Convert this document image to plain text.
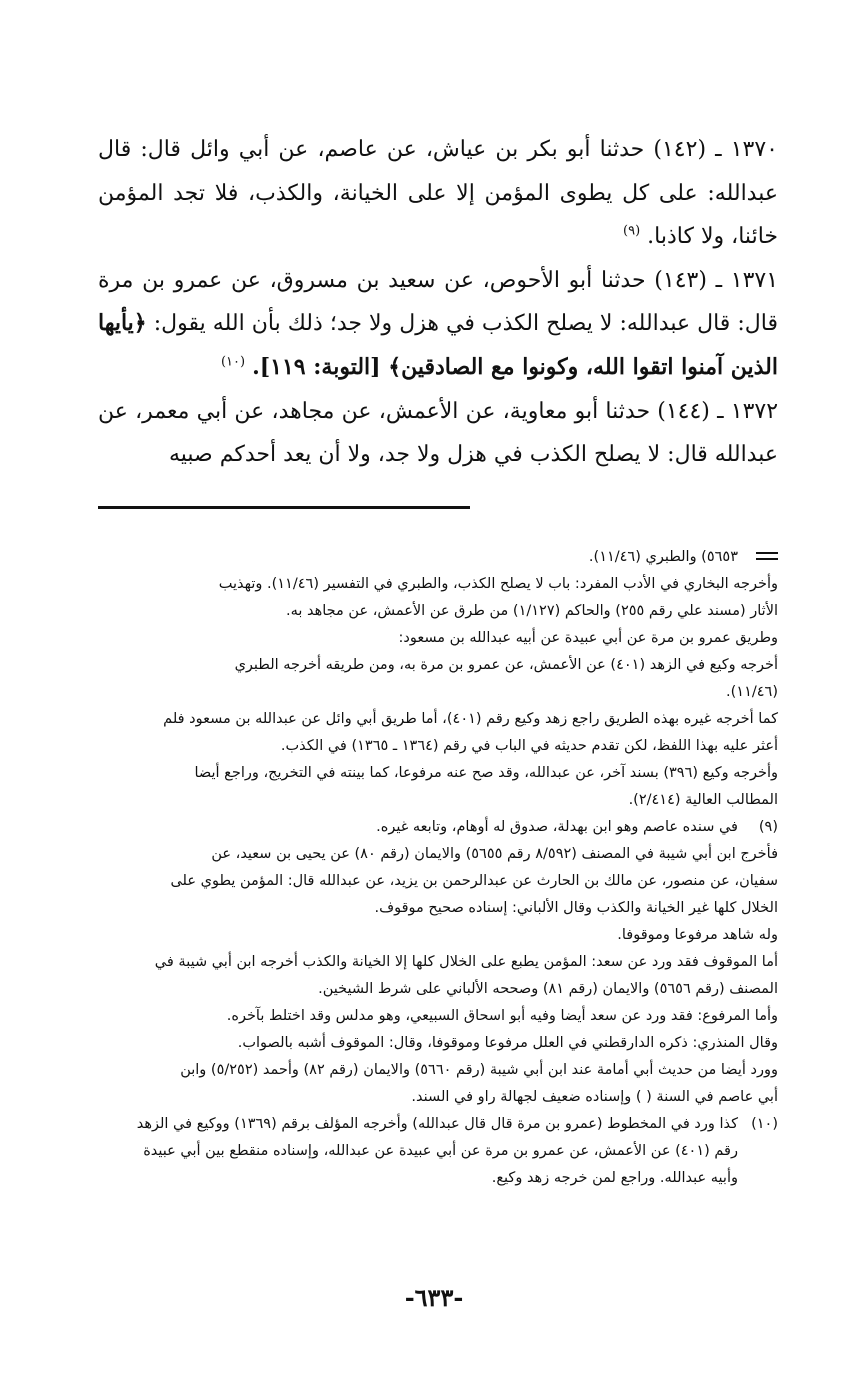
١٣٧٠ ـ (١٤٢) حدثنا أبو بكر بن عياش، عن عاصم، عن أبي وائل قال: قال عبدالله: على كل يطوى المؤمن إلا على الخيانة، والكذب، فلا تجد المؤمن خائنا، ولا كاذبا. $^{(٩)}$

١٣٧١ ـ (١٤٣) حدثنا أبو الأحوص، عن سعيد بن مسروق، عن عمرو بن مرة قال: قال عبدالله: لا يصلح الكذب في هزل ولا جد؛ ذلك بأن الله يقول: ﴿يأيها الذين آمنوا اتقوا الله، وكونوا مع الصادقين﴾ [التوبة: ١١٩]. $^{(١٠)}$

١٣٧٢ ـ (١٤٤) حدثنا أبو معاوية، عن الأعمش، عن مجاهد، عن أبي معمر، عن عبدالله قال: لا يصلح الكذب في هزل ولا جد، ولا أن يعد أحدكم صبيه

٥٦٥٣) والطبري (١١/٤٦).
وأخرجه البخاري في الأدب المفرد: باب لا يصلح الكذب، والطبري في التفسير (١١/٤٦). وتهذيب
الأثار (مسند علي رقم ٢٥٥) والحاكم (١/١٢٧) من طرق عن الأعمش، عن مجاهد به.
وطريق عمرو بن مرة عن أبي عبيدة عن أبيه عبدالله بن مسعود:
أخرجه وكيع في الزهد (٤٠١) عن الأعمش، عن عمرو بن مرة به، ومن طريقه أخرجه الطبري
(١١/٤٦).
كما أخرجه غيره بهذه الطريق راجع زهد وكيع رقم (٤٠١)، أما طريق أبي وائل عن عبدالله بن مسعود فلم
أعثر عليه بهذا اللفظ، لكن تقدم حديثه في الباب في رقم (١٣٦٤ ـ ١٣٦٥) في الكذب.
وأخرجه وكيع (٣٩٦) بسند آخر، عن عبدالله، وقد صح عنه مرفوعا، كما بينته في التخريج، وراجع أيضا
المطالب العالية (٢/٤١٤).
(٩)في سنده عاصم وهو ابن بهدلة، صدوق له أوهام، وتابعه غيره.
فأخرج ابن أبي شيبة في المصنف (٨/٥٩٢ رقم ٥٦٥٥) والايمان (رقم ٨٠) عن يحيى بن سعيد، عن
سفيان، عن منصور، عن مالك بن الحارث عن عبدالرحمن بن يزيد، عن عبدالله قال: المؤمن يطوي على
الخلال كلها غير الخيانة والكذب وقال الألباني: إسناده صحيح موقوف.
وله شاهد مرفوعا وموقوفا.
أما الموقوف فقد ورد عن سعد: المؤمن يطبع على الخلال كلها إلا الخيانة والكذب أخرجه ابن أبي شيبة في
المصنف (رقم ٥٦٥٦) والايمان (رقم ٨١) وصححه الألباني على شرط الشيخين.
وأما المرفوع: فقد ورد عن سعد أيضا وفيه أبو اسحاق السبيعي، وهو مدلس وقد اختلط بآخره.
وقال المنذري: ذكره الدارقطني في العلل مرفوعا وموقوفا، وقال: الموقوف أشبه بالصواب.
وورد أيضا من حديث أبي أمامة عند ابن أبي شيبة (رقم ٥٦٦٠) والايمان (رقم ٨٢) وأحمد (٥/٢٥٢) وابن
أبي عاصم في السنة ( ) وإسناده ضعيف لجهالة راو في السند.
(١٠)كذا ورد في المخطوط (عمرو بن مرة قال قال عبدالله) وأخرجه المؤلف برقم (١٣٦٩) ووكيع في الزهد
رقم (٤٠١) عن الأعمش، عن عمرو بن مرة عن أبي عبيدة عن عبدالله، وإسناده منقطع بين أبي عبيدة
وأبيه عبدالله. وراجع لمن خرجه زهد وكيع.
-٦٣٣-
